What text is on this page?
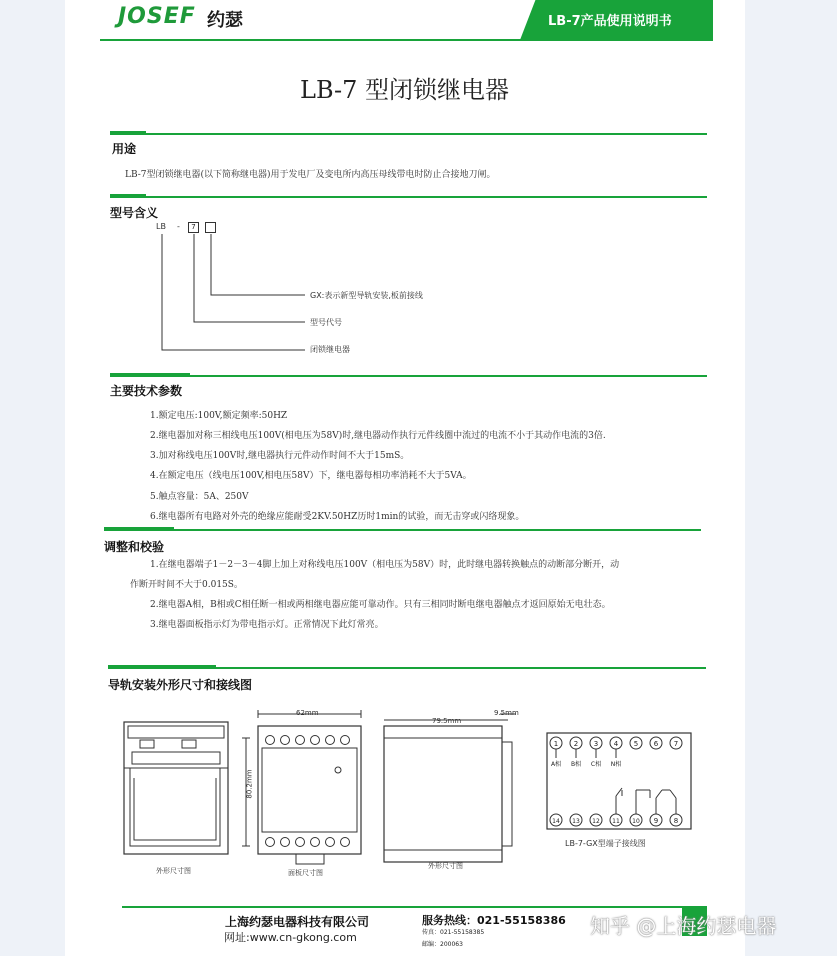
JOSEF 约瑟	LB-7产品使用说明书
LB-7 型闭锁继电器
用途
LB-7型闭锁继电器(以下简称继电器)用于发电厂及变电所内高压母线带电时防止合接地刀闸。
型号含义
LB -	7
GX:表示新型导轨安装,板前接线
型号代号
闭锁继电器
主要技术参数
1.额定电压:100V,额定频率:50HZ
2.继电器加对称三相线电压100V(相电压为58V)时,继电器动作执行元件线圈中流过的电流不小于其动作电流的3倍.
3.加对称线电压100V时,继电器执行元件动作时间不大于15mS。
4.在额定电压（线电压100V,相电压58V）下，继电器每相功率消耗不大于5VA。
5.触点容量：5A、250V
6.继电器所有电路对外壳的绝缘应能耐受2KV.50HZ历时1min的试验，而无击穿或闪络现象。
调整和校验
1.在继电器端子1－2－3－4脚上加上对称线电压100V（相电压为58V）时，此时继电器转换触点的动断部分断开，动
作断开时间不大于0.015S。
2.继电器A相，B相或C相任断一相或两相继电器应能可靠动作。只有三相同时断电继电器触点才返回原始无电壮态。
3.继电器面板指示灯为带电指示灯。正常情况下此灯常亮。
导轨安装外形尺寸和接线图
外形尺寸图
62mm
80.2mm
面板尺寸图
79.5mm
9.5mm
外形尺寸图
1 2 3 4 5 6 7
14 13 12 11 10 9 8
A相 B相 C相 N相
LB-7-GX型端子接线图
上海约瑟电器科技有限公司
网址:www.cn-gkong.com
服务热线：021-55158386
传真：021-55158385
邮编：200063
知乎 @上海约瑟电器
